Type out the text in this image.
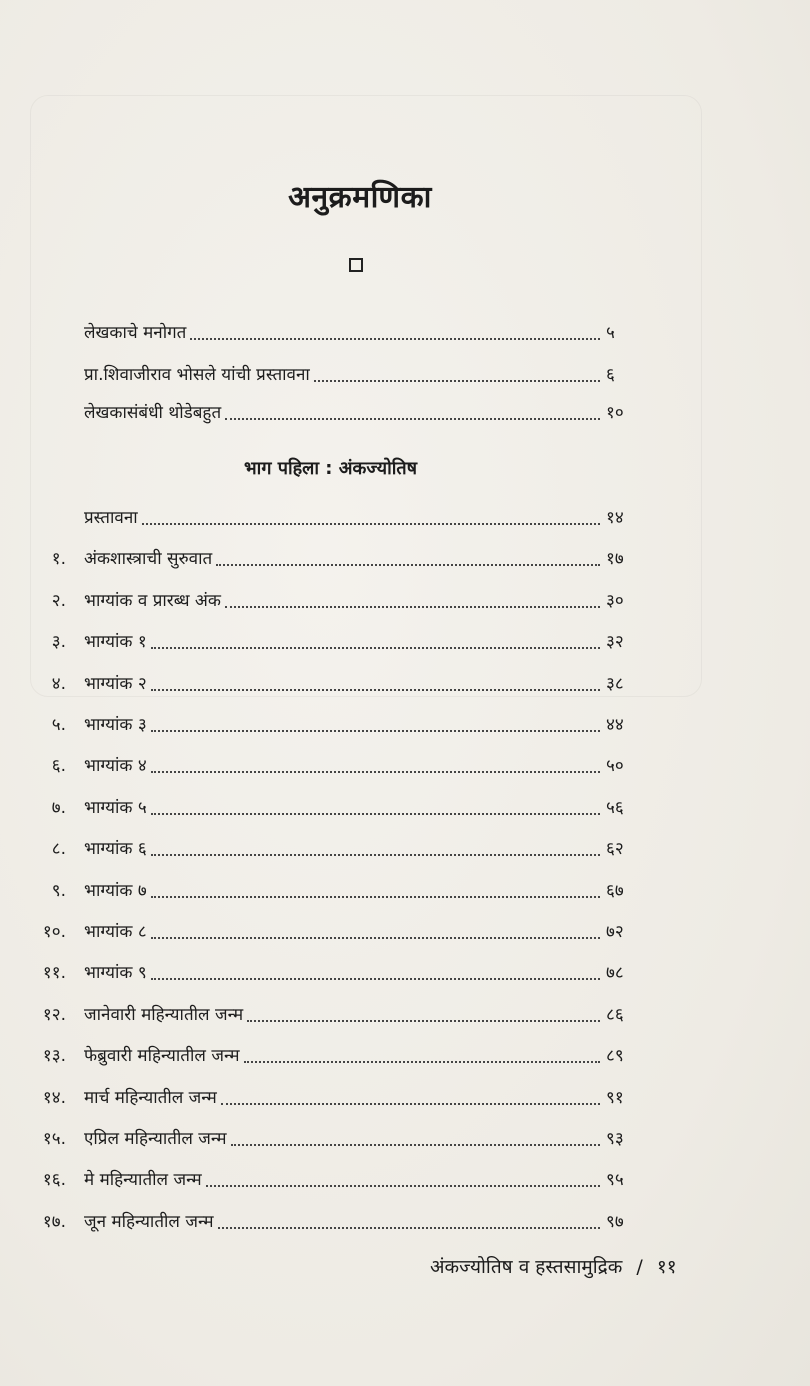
अनुक्रमणिका
लेखकाचे मनोगत	५
प्रा.शिवाजीराव भोसले यांची प्रस्तावना	६
लेखकासंबंधी थोडेबहुत	१०
भाग पहिला : अंकज्योतिष
प्रस्तावना	१४
१. अंकशास्त्राची सुरुवात	१७
२. भाग्यांक व प्रारब्ध अंक	३०
३. भाग्यांक १	३२
४. भाग्यांक २	३८
५. भाग्यांक ३	४४
६. भाग्यांक ४	५०
७. भाग्यांक ५	५६
८. भाग्यांक ६	६२
९. भाग्यांक ७	६७
१०. भाग्यांक ८	७२
११. भाग्यांक ९	७८
१२. जानेवारी महिन्यातील जन्म	८६
१३. फेब्रुवारी महिन्यातील जन्म	८९
१४. मार्च महिन्यातील जन्म	९१
१५. एप्रिल महिन्यातील जन्म	९३
१६. मे महिन्यातील जन्म	९५
१७. जून महिन्यातील जन्म	९७
अंकज्योतिष व हस्तसामुद्रिक / ११
